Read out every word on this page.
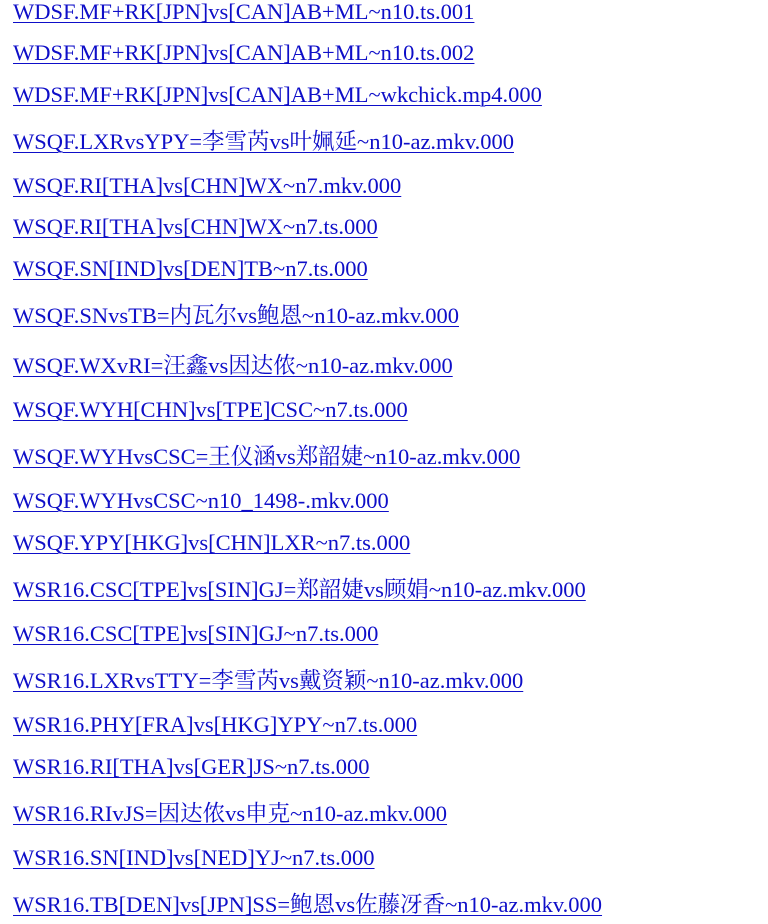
WDSF.MF+RK[JPN]vs[CAN]AB+ML~n10.ts.001
WDSF.MF+RK[JPN]vs[CAN]AB+ML~n10.ts.002
WDSF.MF+RK[JPN]vs[CAN]AB+ML~wkchick.mp4.000
WSQF.LXRvsYPY=李雪芮vs叶姵延~n10-az.mkv.000
WSQF.RI[THA]vs[CHN]WX~n7.mkv.000
WSQF.RI[THA]vs[CHN]WX~n7.ts.000
WSQF.SN[IND]vs[DEN]TB~n7.ts.000
WSQF.SNvsTB=内瓦尔vs鲍恩~n10-az.mkv.000
WSQF.WXvRI=汪鑫vs因达侬~n10-az.mkv.000
WSQF.WYH[CHN]vs[TPE]CSC~n7.ts.000
WSQF.WYHvsCSC=王仪涵vs郑韶婕~n10-az.mkv.000
WSQF.WYHvsCSC~n10_1498-.mkv.000
WSQF.YPY[HKG]vs[CHN]LXR~n7.ts.000
WSR16.CSC[TPE]vs[SIN]GJ=郑韶婕vs顾娟~n10-az.mkv.000
WSR16.CSC[TPE]vs[SIN]GJ~n7.ts.000
WSR16.LXRvsTTY=李雪芮vs戴资颖~n10-az.mkv.000
WSR16.PHY[FRA]vs[HKG]YPY~n7.ts.000
WSR16.RI[THA]vs[GER]JS~n7.ts.000
WSR16.RIvJS=因达侬vs申克~n10-az.mkv.000
WSR16.SN[IND]vs[NED]YJ~n7.ts.000
WSR16.TB[DEN]vs[JPN]SS=鲍恩vs佐藤冴香~n10-az.mkv.000
